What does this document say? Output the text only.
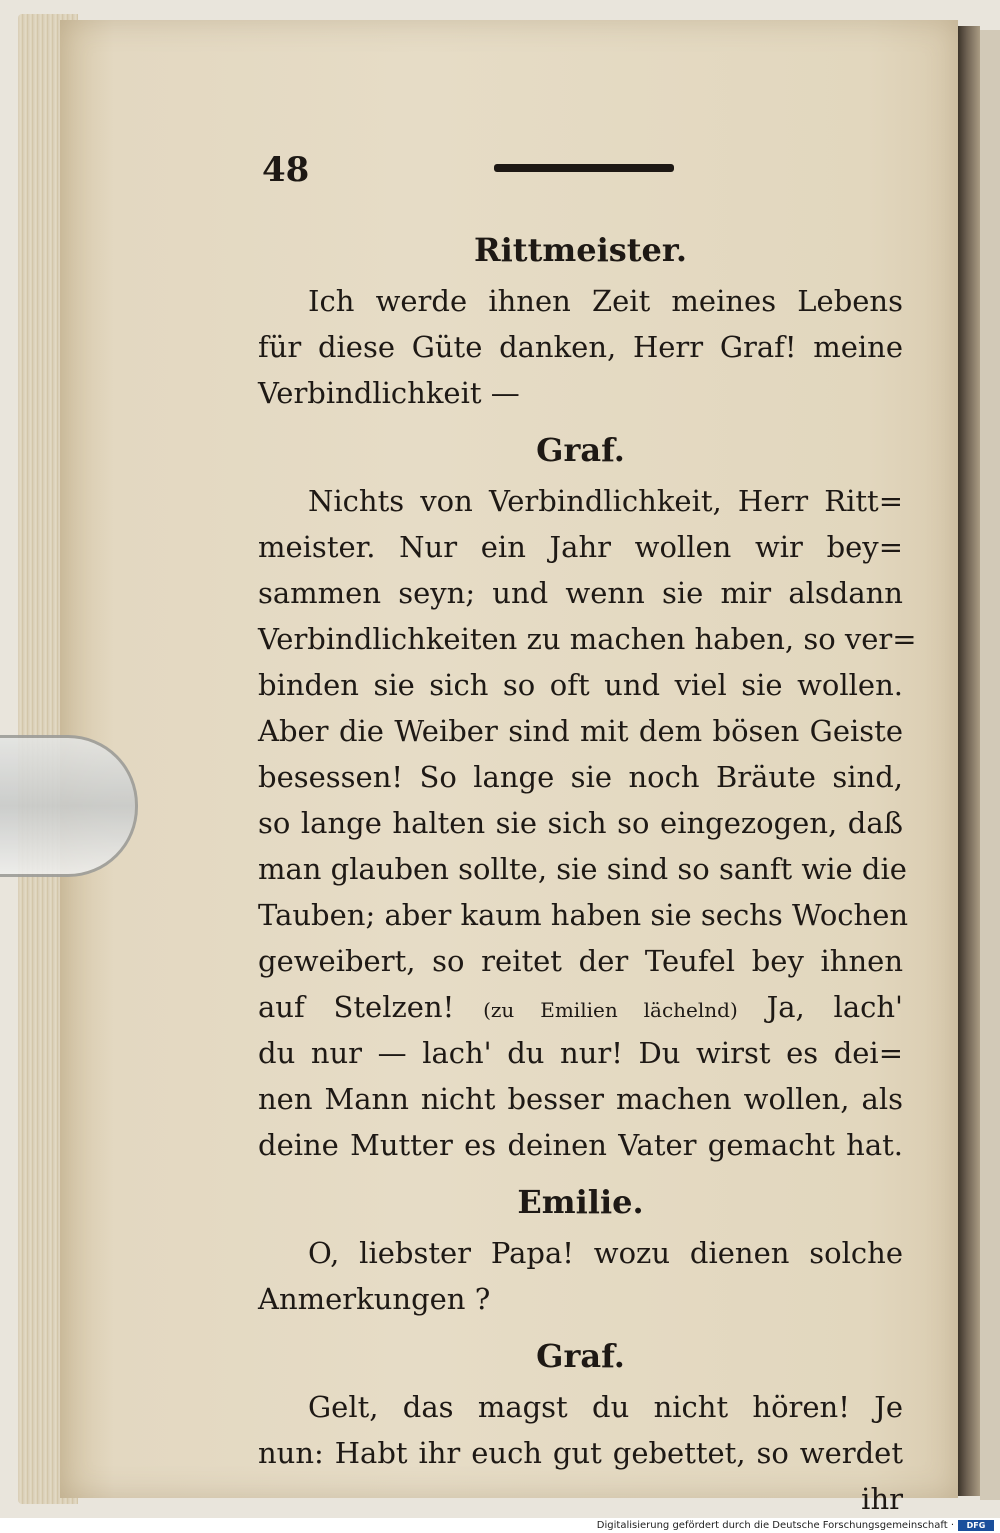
48
Rittmeister.
Ich werde ihnen Zeit meines Lebens
für diese Güte danken, Herr Graf! meine
Verbindlichkeit —
Graf.
Nichts von Verbindlichkeit, Herr Ritt=
meister. Nur ein Jahr wollen wir bey=
sammen seyn; und wenn sie mir alsdann
Verbindlichkeiten zu machen haben, so ver=
binden sie sich so oft und viel sie wollen.
Aber die Weiber sind mit dem bösen Geiste
besessen! So lange sie noch Bräute sind,
so lange halten sie sich so eingezogen, daß
man glauben sollte, sie sind so sanft wie die
Tauben; aber kaum haben sie sechs Wochen
geweibert, so reitet der Teufel bey ihnen
auf Stelzen! (zu Emilien lächelnd) Ja, lach'
du nur — lach' du nur! Du wirst es dei=
nen Mann nicht besser machen wollen, als
deine Mutter es deinen Vater gemacht hat.
Emilie.
O, liebster Papa! wozu dienen solche
Anmerkungen ?
Graf.
Gelt, das magst du nicht hören! Je
nun: Habt ihr euch gut gebettet, so werdet
ihr
Digitalisierung gefördert durch die Deutsche Forschungsgemeinschaft ·	DFG
